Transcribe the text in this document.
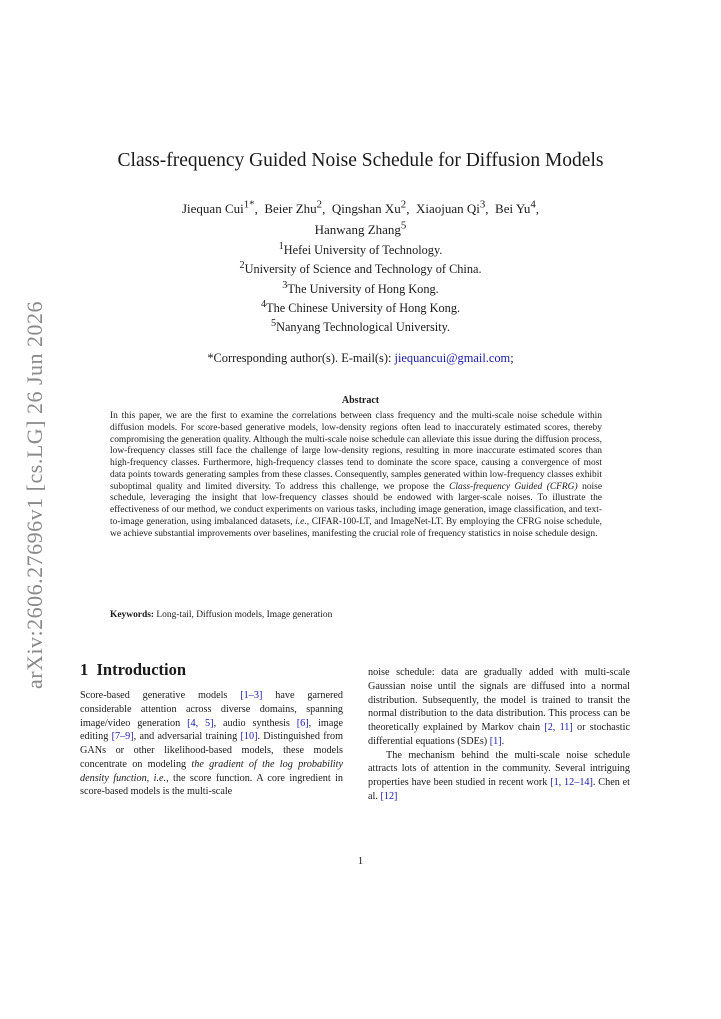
arXiv:2606.27696v1 [cs.LG] 26 Jun 2026
Class-frequency Guided Noise Schedule for Diffusion Models
Jiequan Cui$^{1*}$,  Beier Zhu$^2$,  Qingshan Xu$^2$,  Xiaojuan Qi$^3$,  Bei Yu$^4$,
Hanwang Zhang$^5$
$^1$Hefei University of Technology.
$^2$University of Science and Technology of China.
$^3$The University of Hong Kong.
$^4$The Chinese University of Hong Kong.
$^5$Nanyang Technological University.
*Corresponding author(s). E-mail(s): jiequancui@gmail.com;
Abstract
In this paper, we are the first to examine the correlations between class frequency and the multi-scale noise schedule within diffusion models. For score-based generative models, low-density regions often lead to inaccurately estimated scores, thereby compromising the generation quality. Although the multi-scale noise schedule can alleviate this issue during the diffusion process, low-frequency classes still face the challenge of large low-density regions, resulting in more inaccurate estimated scores than high-frequency classes. Furthermore, high-frequency classes tend to dominate the score space, causing a convergence of most data points towards generating samples from these classes. Consequently, samples generated within low-frequency classes exhibit suboptimal quality and limited diversity. To address this challenge, we propose the Class-frequency Guided (CFRG) noise schedule, leveraging the insight that low-frequency classes should be endowed with larger-scale noises. To illustrate the effectiveness of our method, we conduct experiments on various tasks, including image generation, image classification, and text-to-image generation, using imbalanced datasets, i.e., CIFAR-100-LT, and ImageNet-LT. By employing the CFRG noise schedule, we achieve substantial improvements over baselines, manifesting the crucial role of frequency statistics in noise schedule design.
Keywords: Long-tail, Diffusion models, Image generation
1 Introduction

Score-based generative models [1–3] have garnered considerable attention across diverse domains, spanning image/video generation [4, 5], audio synthesis [6], image editing [7–9], and adversarial training [10]. Distinguished from GANs or other likelihood-based models, these models concentrate on modeling the gradient of the log probability density function, i.e., the score function. A core ingredient in score-based models is the multi-scale

noise schedule: data are gradually added with multi-scale Gaussian noise until the signals are diffused into a normal distribution. Subsequently, the model is trained to transit the normal distribution to the data distribution. This process can be theoretically explained by Markov chain [2, 11] or stochastic differential equations (SDEs) [1].

The mechanism behind the multi-scale noise schedule attracts lots of attention in the community. Several intriguing properties have been studied in recent work [1, 12–14]. Chen et al. [12]

1
